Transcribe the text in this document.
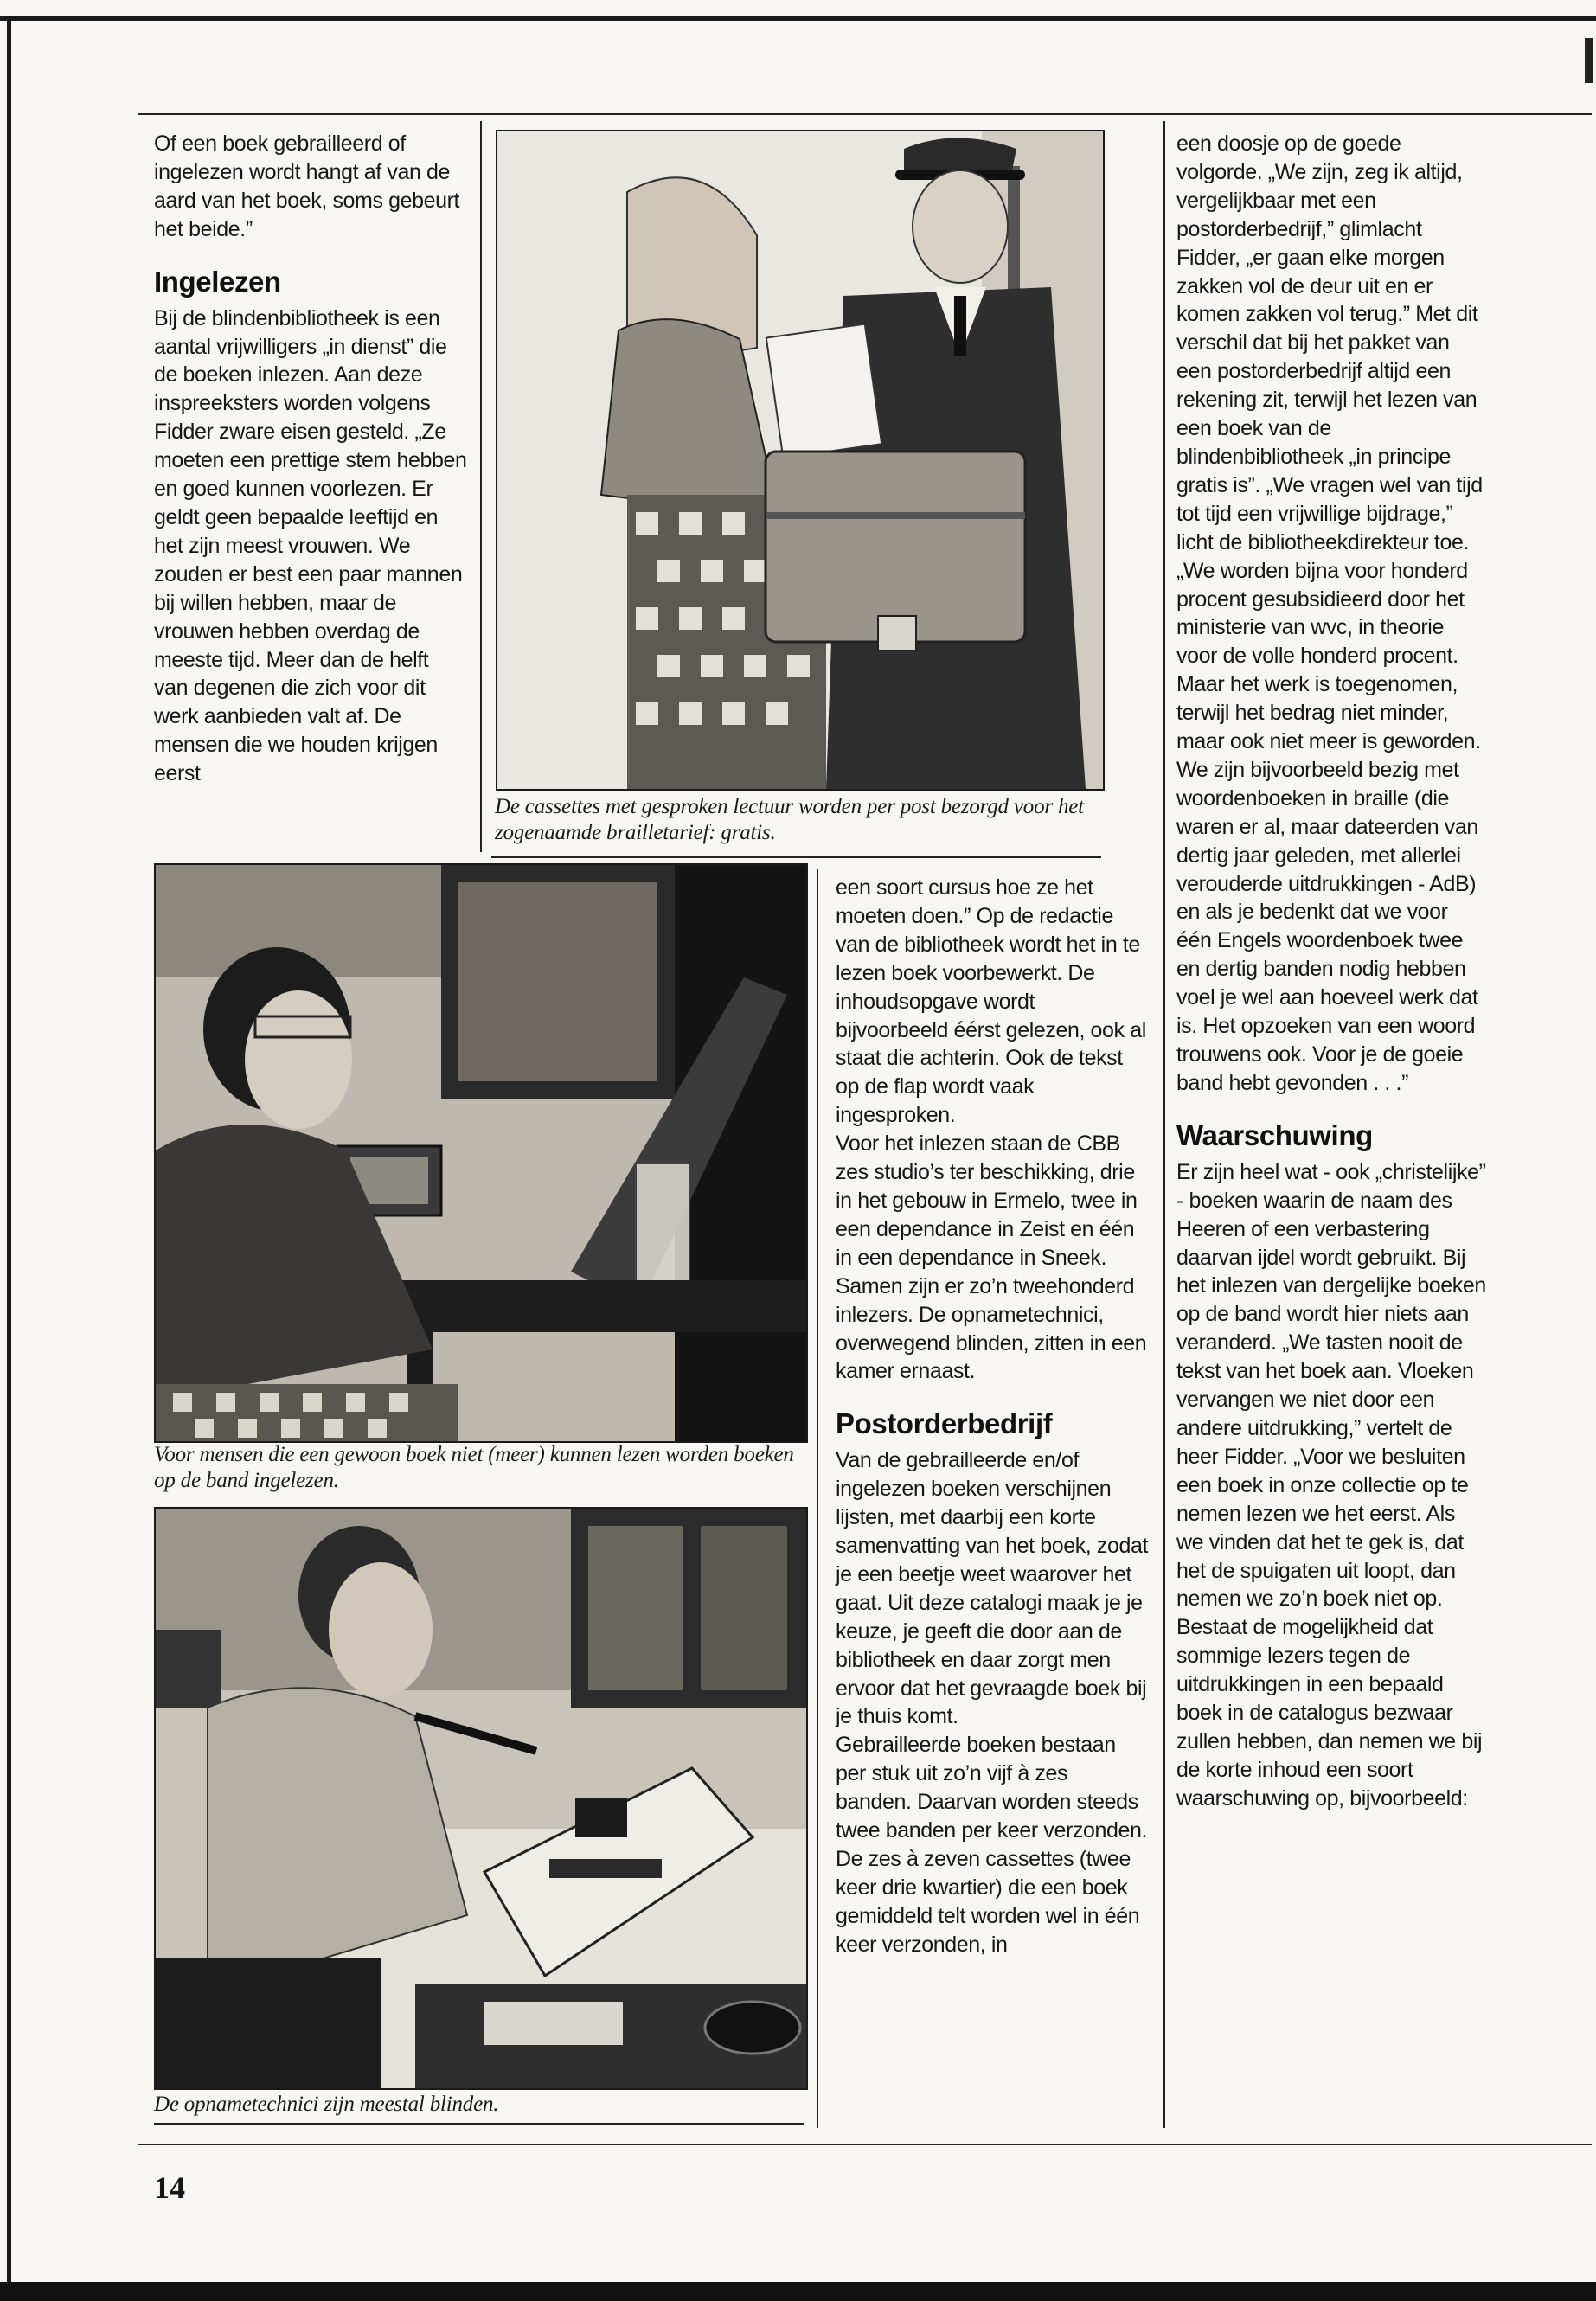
Of een boek gebrailleerd of ingelezen wordt hangt af van de aard van het boek, soms gebeurt het beide.”

Ingelezen

Bij de blindenbibliotheek is een aantal vrijwilligers „in dienst” die de boeken inlezen. Aan deze inspreeksters worden volgens Fidder zware eisen gesteld. „Ze moeten een prettige stem hebben en goed kunnen voorlezen. Er geldt geen bepaalde leeftijd en het zijn meest vrouwen. We zouden er best een paar mannen bij willen hebben, maar de vrouwen hebben overdag de meeste tijd. Meer dan de helft van degenen die zich voor dit werk aanbieden valt af. De mensen die we houden krijgen eerst

De cassettes met gesproken lectuur worden per post bezorgd voor het zogenaamde brailletarief: gratis.
Voor mensen die een gewoon boek niet (meer) kunnen lezen worden boeken op de band ingelezen.
De opnametechnici zijn meestal blinden.

een soort cursus hoe ze het moeten doen.” Op de redactie van de bibliotheek wordt het in te lezen boek voorbewerkt. De inhoudsopgave wordt bijvoorbeeld éérst gelezen, ook al staat die achterin. Ook de tekst op de flap wordt vaak ingesproken.

Voor het inlezen staan de CBB zes studio’s ter beschikking, drie in het gebouw in Ermelo, twee in een dependance in Zeist en één in een dependance in Sneek. Samen zijn er zo’n tweehonderd inlezers. De opnametechnici, overwegend blinden, zitten in een kamer ernaast.

Postorderbedrijf

Van de gebrailleerde en/of ingelezen boeken verschijnen lijsten, met daarbij een korte samenvatting van het boek, zodat je een beetje weet waarover het gaat. Uit deze catalogi maak je je keuze, je geeft die door aan de bibliotheek en daar zorgt men ervoor dat het gevraagde boek bij je thuis komt.

Gebrailleerde boeken bestaan per stuk uit zo’n vijf à zes banden. Daarvan worden steeds twee banden per keer verzonden. De zes à zeven cassettes (twee keer drie kwartier) die een boek gemiddeld telt worden wel in één keer verzonden, in

een doosje op de goede volgorde. „We zijn, zeg ik altijd, vergelijkbaar met een postorderbedrijf,” glimlacht Fidder, „er gaan elke morgen zakken vol de deur uit en er komen zakken vol terug.” Met dit verschil dat bij het pakket van een postorderbedrijf altijd een rekening zit, terwijl het lezen van een boek van de blindenbibliotheek „in principe gratis is”. „We vragen wel van tijd tot tijd een vrijwillige bijdrage,” licht de bibliotheekdirekteur toe. „We worden bijna voor honderd procent gesubsidieerd door het ministerie van wvc, in theorie voor de volle honderd procent. Maar het werk is toegenomen, terwijl het bedrag niet minder, maar ook niet meer is geworden. We zijn bijvoorbeeld bezig met woordenboeken in braille (die waren er al, maar dateerden van dertig jaar geleden, met allerlei verouderde uitdrukkingen - AdB) en als je bedenkt dat we voor één Engels woordenboek twee en dertig banden nodig hebben voel je wel aan hoeveel werk dat is. Het opzoeken van een woord trouwens ook. Voor je de goeie band hebt gevonden . . .”

Waarschuwing

Er zijn heel wat - ook „christelijke” - boeken waarin de naam des Heeren of een verbastering daarvan ijdel wordt gebruikt. Bij het inlezen van dergelijke boeken op de band wordt hier niets aan veranderd. „We tasten nooit de tekst van het boek aan. Vloeken vervangen we niet door een andere uitdrukking,” vertelt de heer Fidder. „Voor we besluiten een boek in onze collectie op te nemen lezen we het eerst. Als we vinden dat het te gek is, dat het de spuigaten uit loopt, dan nemen we zo’n boek niet op. Bestaat de mogelijkheid dat sommige lezers tegen de uitdrukkingen in een bepaald boek in de catalogus bezwaar zullen hebben, dan nemen we bij de korte inhoud een soort waarschuwing op, bijvoorbeeld:

14
